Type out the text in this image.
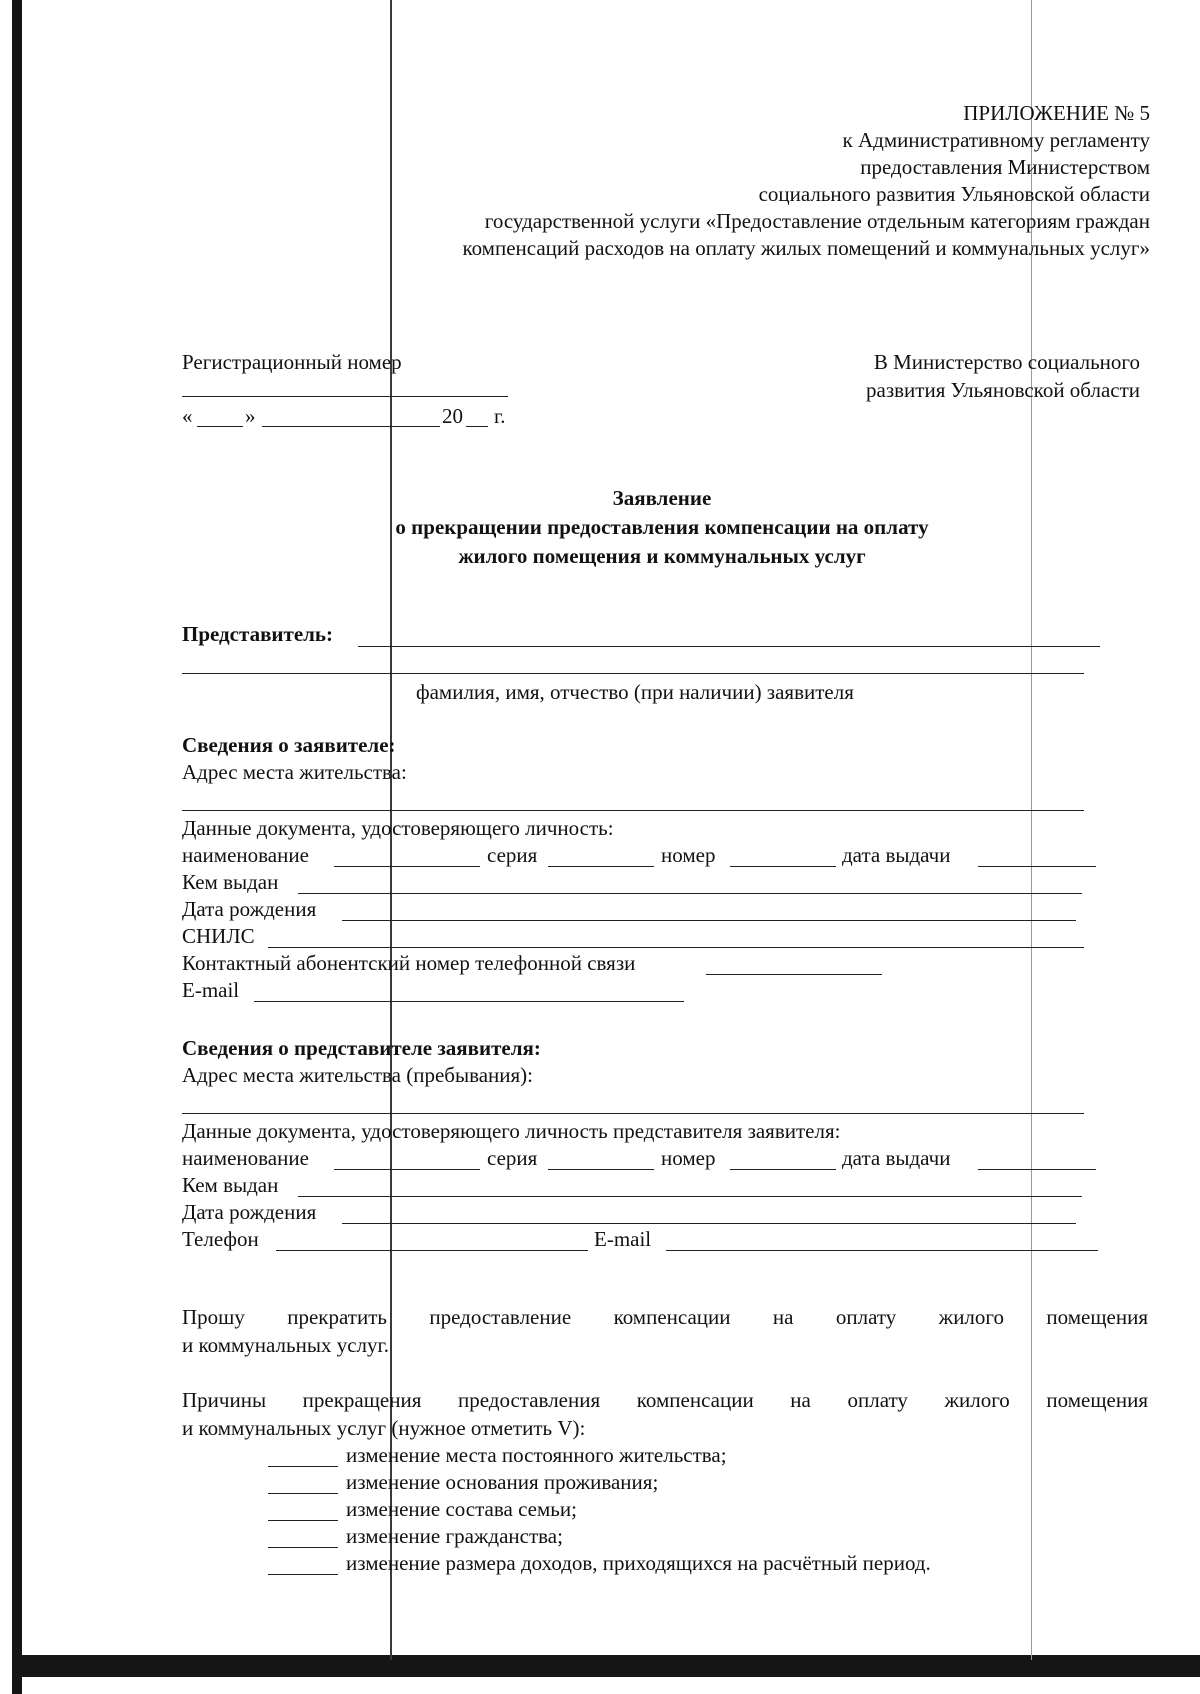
ПРИЛОЖЕНИЕ № 5
к Административному регламенту
предоставления Министерством
социального развития Ульяновской области
государственной услуги «Предоставление отдельным категориям граждан
компенсаций расходов на оплату жилых помещений и коммунальных услуг»
Регистрационный номер
«	»	20 г.
В Министерство социального
развития Ульяновской области
Заявление
о прекращении предоставления компенсации на оплату
жилого помещения и коммунальных услуг
Представитель:
фамилия, имя, отчество (при наличии) заявителя
Сведения о заявителе:
Адрес места жительства:
Данные документа, удостоверяющего личность:
наименование	серия	номер	дата выдачи
Кем выдан
Дата рождения
СНИЛС
Контактный абонентский номер телефонной связи
E-mail
Сведения о представителе заявителя:
Адрес места жительства (пребывания):
Данные документа, удостоверяющего личность представителя заявителя:
наименование	серия	номер	дата выдачи
Кем выдан
Дата рождения
Телефон	E-mail
Прошу прекратить предоставление компенсации на оплату жилого помещения
и коммунальных услуг.
Причины прекращения предоставления компенсации на оплату жилого помещения
и коммунальных услуг (нужное отметить V):
изменение места постоянного жительства;
изменение основания проживания;
изменение состава семьи;
изменение гражданства;
изменение размера доходов, приходящихся на расчётный период.
